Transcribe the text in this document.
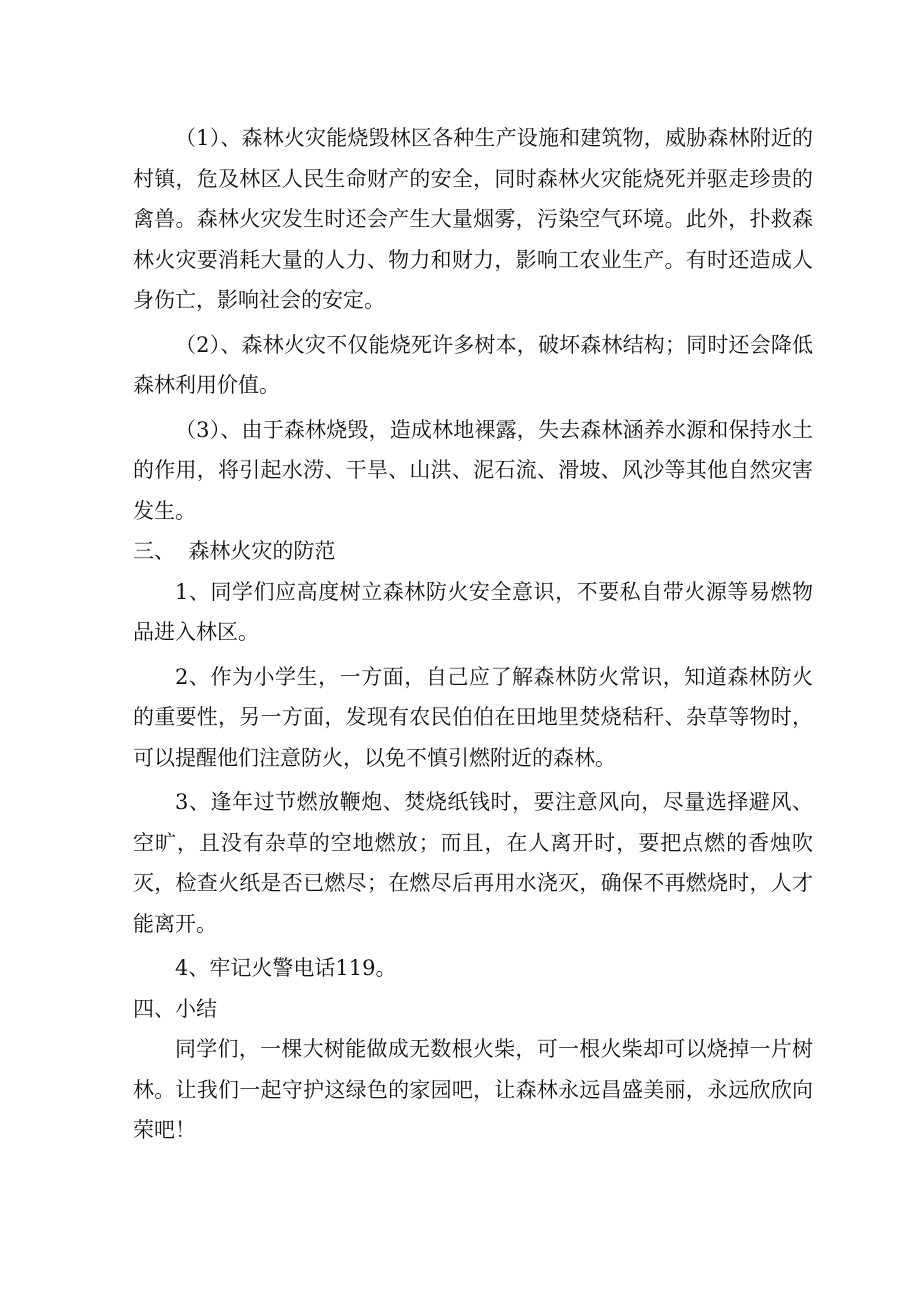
（1）、森林火灾能烧毁林区各种生产设施和建筑物，威胁森林附近的村镇，危及林区人民生命财产的安全，同时森林火灾能烧死并驱走珍贵的禽兽。森林火灾发生时还会产生大量烟雾，污染空气环境。此外，扑救森林火灾要消耗大量的人力、物力和财力，影响工农业生产。有时还造成人身伤亡，影响社会的安定。

（2）、森林火灾不仅能烧死许多树本，破坏森林结构；同时还会降低森林利用价值。

（3）、由于森林烧毁，造成林地裸露，失去森林涵养水源和保持水土的作用，将引起水涝、干旱、山洪、泥石流、滑坡、风沙等其他自然灾害发生。

三、  森林火灾的防范

1、同学们应高度树立森林防火安全意识，不要私自带火源等易燃物品进入林区。

2、作为小学生，一方面，自己应了解森林防火常识，知道森林防火的重要性，另一方面，发现有农民伯伯在田地里焚烧秸秆、杂草等物时，可以提醒他们注意防火，以免不慎引燃附近的森林。

3、逢年过节燃放鞭炮、焚烧纸钱时，要注意风向，尽量选择避风、空旷，且没有杂草的空地燃放；而且，在人离开时，要把点燃的香烛吹灭，检查火纸是否已燃尽；在燃尽后再用水浇灭，确保不再燃烧时，人才能离开。

4、牢记火警电话119。

四、小结

同学们，一棵大树能做成无数根火柴，可一根火柴却可以烧掉一片树林。让我们一起守护这绿色的家园吧，让森林永远昌盛美丽，永远欣欣向荣吧！
